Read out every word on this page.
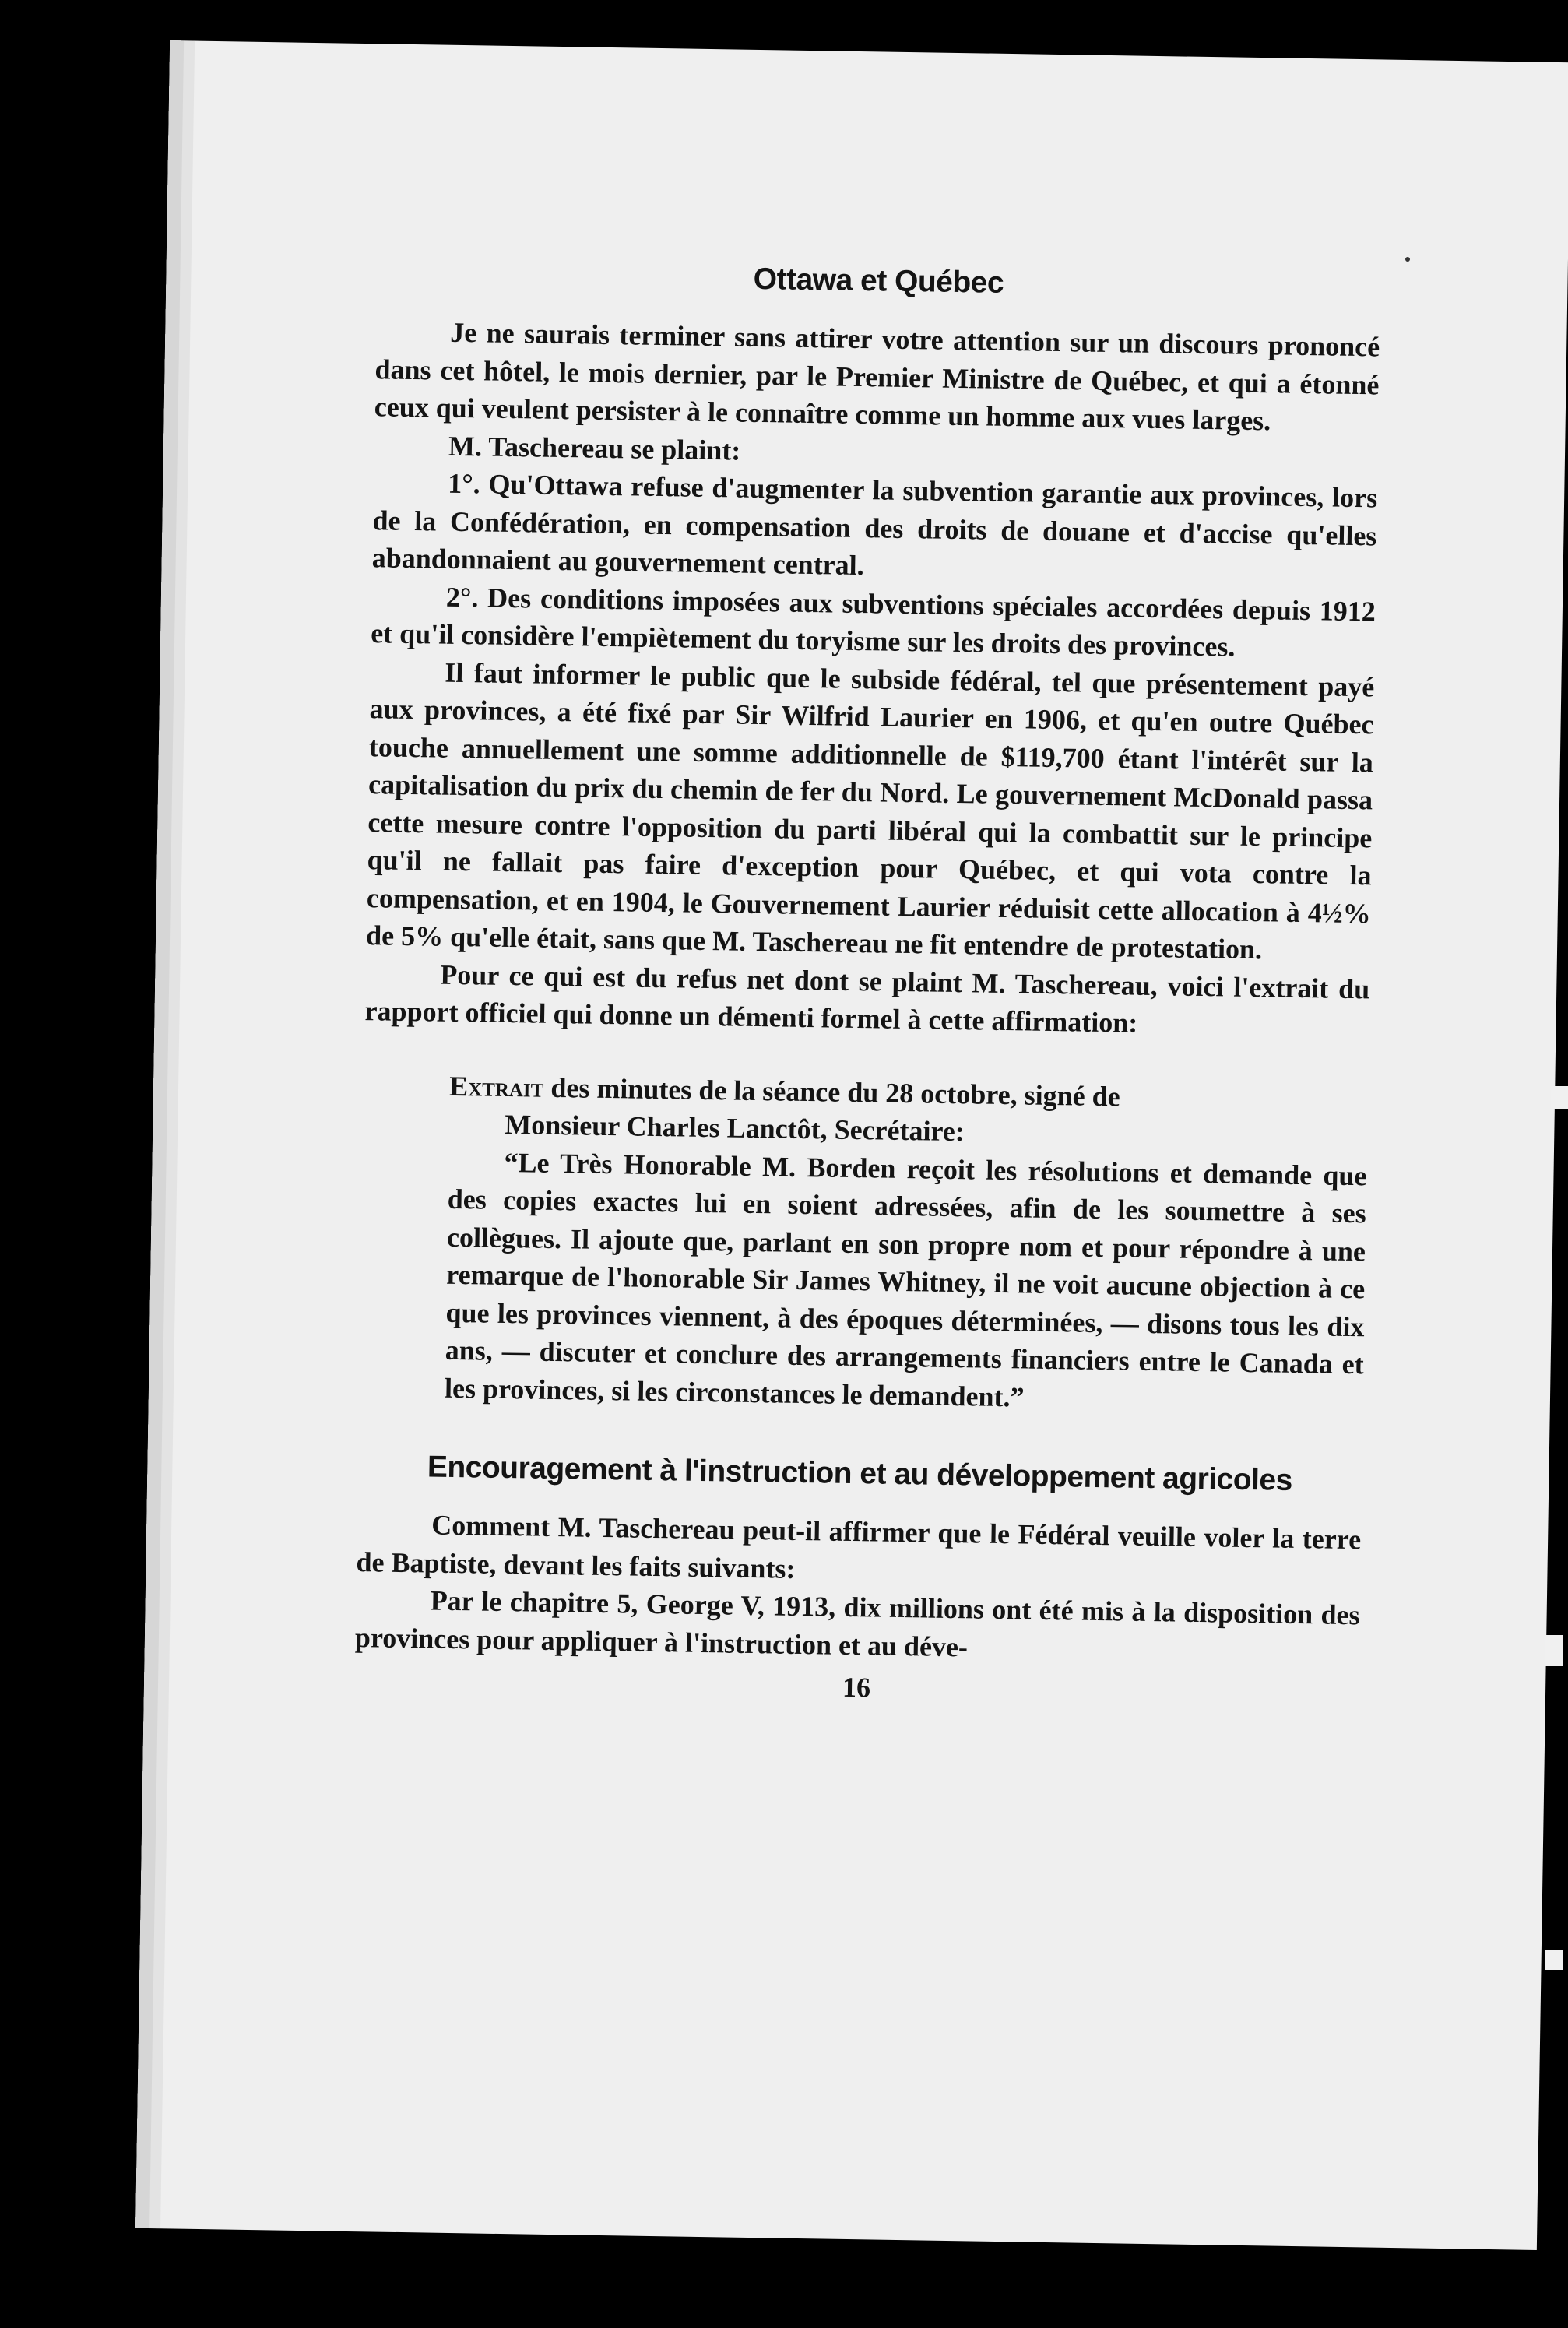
Ottawa et Québec

Je ne saurais terminer sans attirer votre attention sur un discours prononcé dans cet hôtel, le mois dernier, par le Premier Ministre de Québec, et qui a étonné ceux qui veulent persister à le connaître comme un homme aux vues larges.

M. Taschereau se plaint:

1°. Qu'Ottawa refuse d'augmenter la subvention garantie aux provinces, lors de la Confédération, en compensation des droits de douane et d'accise qu'elles abandonnaient au gouvernement central.

2°. Des conditions imposées aux subventions spéciales accordées depuis 1912 et qu'il considère l'empiètement du toryisme sur les droits des provinces.

Il faut informer le public que le subside fédéral, tel que présentement payé aux provinces, a été fixé par Sir Wilfrid Laurier en 1906, et qu'en outre Québec touche annuellement une somme additionnelle de $119,700 étant l'intérêt sur la capitalisation du prix du chemin de fer du Nord. Le gouvernement McDonald passa cette mesure contre l'opposition du parti libéral qui la combattit sur le principe qu'il ne fallait pas faire d'exception pour Québec, et qui vota contre la compensation, et en 1904, le Gouvernement Laurier réduisit cette allocation à 4½% de 5% qu'elle était, sans que M. Taschereau ne fit entendre de protestation.

Pour ce qui est du refus net dont se plaint M. Taschereau, voici l'extrait du rapport officiel qui donne un démenti formel à cette affirmation:

Extrait des minutes de la séance du 28 octobre, signé de

Monsieur Charles Lanctôt, Secrétaire:

“Le Très Honorable M. Borden reçoit les résolutions et demande que des copies exactes lui en soient adressées, afin de les soumettre à ses collègues. Il ajoute que, parlant en son propre nom et pour répondre à une remarque de l'honorable Sir James Whitney, il ne voit aucune objection à ce que les provinces viennent, à des époques déterminées, — disons tous les dix ans, — discuter et conclure des arrangements financiers entre le Canada et les provinces, si les circonstances le demandent.”

Encouragement à l'instruction et au développement agricoles

Comment M. Taschereau peut-il affirmer que le Fédéral veuille voler la terre de Baptiste, devant les faits suivants:

Par le chapitre 5, George V, 1913, dix millions ont été mis à la disposition des provinces pour appliquer à l'instruction et au déve-

16
